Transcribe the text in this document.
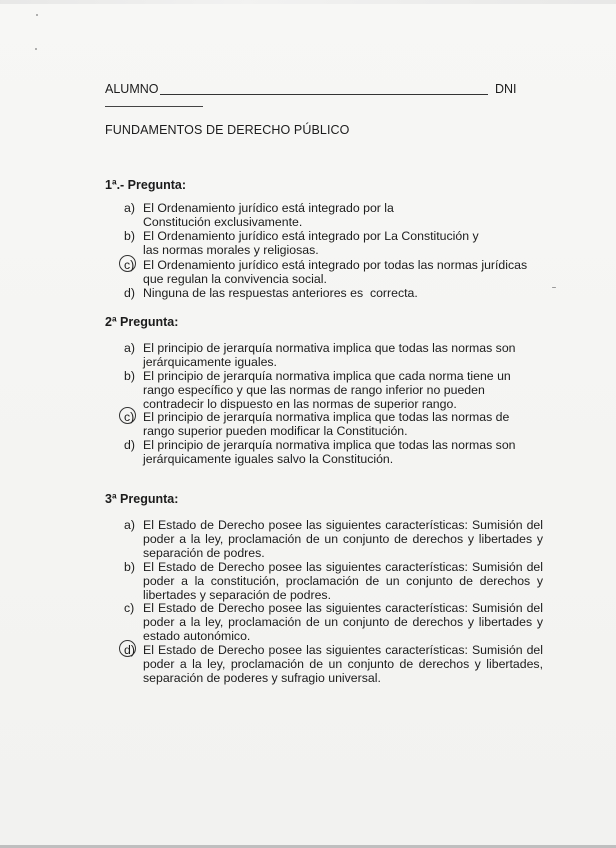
ALUMNO	DNI
FUNDAMENTOS DE DERECHO PÚBLICO
1ª.- Pregunta:
a) El Ordenamiento jurídico está integrado por la Constitución exclusivamente.
b) El Ordenamiento jurídico está integrado por La Constitución y las normas morales y religiosas.
c) El Ordenamiento jurídico está integrado por todas las normas jurídicas que regulan la convivencia social.
d) Ninguna de las respuestas anteriores es  correcta.
2ª Pregunta:
a) El principio de jerarquía normativa implica que todas las normas son jerárquicamente iguales.
b) El principio de jerarquía normativa implica que cada norma tiene un rango específico y que las normas de rango inferior no pueden contradecir lo dispuesto en las normas de superior rango.
c) El principio de jerarquía normativa implica que todas las normas de rango superior pueden modificar la Constitución.
d) El principio de jerarquía normativa implica que todas las normas son jerárquicamente iguales salvo la Constitución.
3ª Pregunta:
a) El Estado de Derecho posee las siguientes características: Sumisión del poder a la ley, proclamación de un conjunto de derechos y libertades y separación de podres.
b) El Estado de Derecho posee las siguientes características: Sumisión del poder a la constitución, proclamación de un conjunto de derechos y libertades y separación de podres.
c) El Estado de Derecho posee las siguientes características: Sumisión del poder a la ley, proclamación de un conjunto de derechos y libertades y estado autonómico.
d) El Estado de Derecho posee las siguientes características: Sumisión del poder a la ley, proclamación de un conjunto de derechos y libertades, separación de poderes y sufragio universal.
